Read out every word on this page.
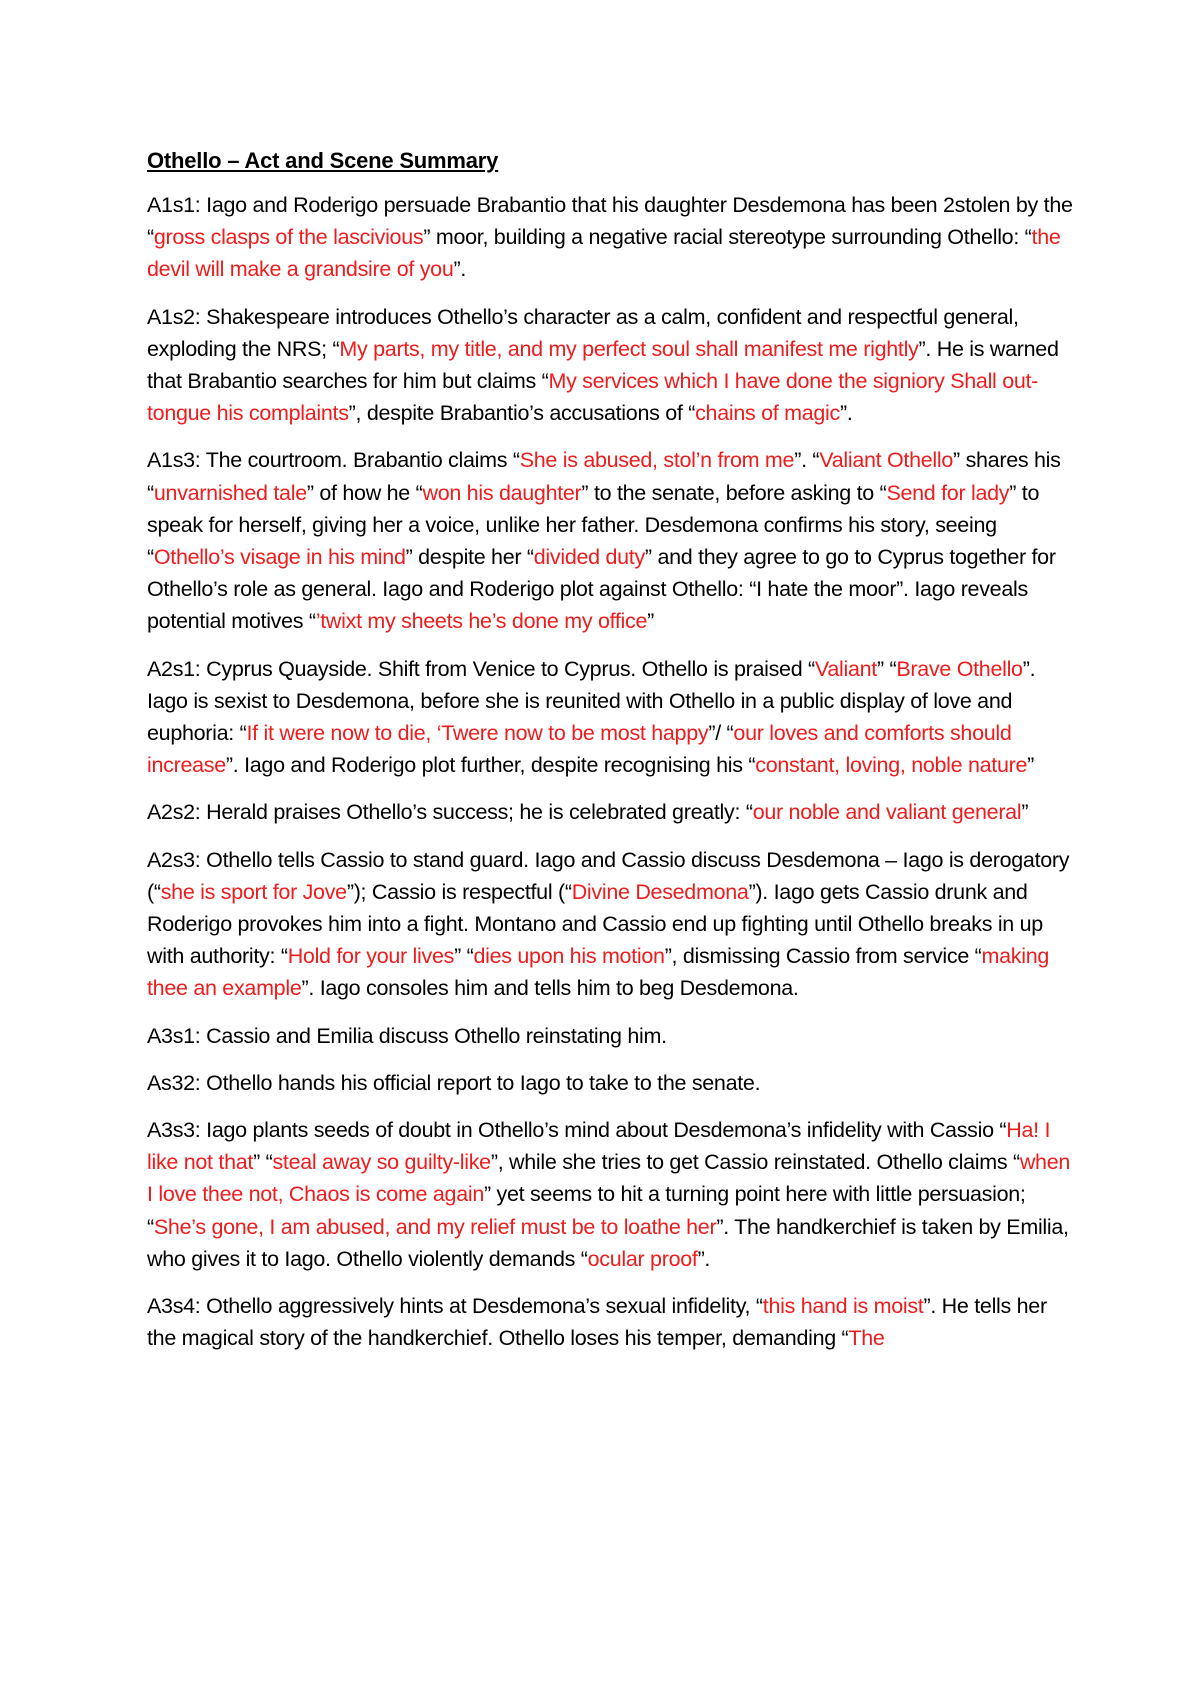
Othello – Act and Scene Summary

A1s1: Iago and Roderigo persuade Brabantio that his daughter Desdemona has been 2stolen by the “gross clasps of the lascivious” moor, building a negative racial stereotype surrounding Othello: “the devil will make a grandsire of you”.

A1s2: Shakespeare introduces Othello’s character as a calm, confident and respectful general, exploding the NRS; “My parts, my title, and my perfect soul shall manifest me rightly”. He is warned that Brabantio searches for him but claims “My services which I have done the signiory Shall out-tongue his complaints”, despite Brabantio’s accusations of “chains of magic”.

A1s3: The courtroom. Brabantio claims “She is abused, stol’n from me”. “Valiant Othello” shares his “unvarnished tale” of how he “won his daughter” to the senate, before asking to “Send for lady” to speak for herself, giving her a voice, unlike her father. Desdemona confirms his story, seeing “Othello’s visage in his mind” despite her “divided duty” and they agree to go to Cyprus together for Othello’s role as general. Iago and Roderigo plot against Othello: “I hate the moor”. Iago reveals potential motives “’twixt my sheets he’s done my office”

A2s1: Cyprus Quayside. Shift from Venice to Cyprus. Othello is praised “Valiant” “Brave Othello”. Iago is sexist to Desdemona, before she is reunited with Othello in a public display of love and euphoria: “If it were now to die, ‘Twere now to be most happy”/ “our loves and comforts should increase”. Iago and Roderigo plot further, despite recognising his “constant, loving, noble nature”

A2s2: Herald praises Othello’s success; he is celebrated greatly: “our noble and valiant general”

A2s3: Othello tells Cassio to stand guard. Iago and Cassio discuss Desdemona – Iago is derogatory (“she is sport for Jove”); Cassio is respectful (“Divine Desedmona”). Iago gets Cassio drunk and Roderigo provokes him into a fight. Montano and Cassio end up fighting until Othello breaks in up with authority: “Hold for your lives” “dies upon his motion”, dismissing Cassio from service “making thee an example”. Iago consoles him and tells him to beg Desdemona.

A3s1: Cassio and Emilia discuss Othello reinstating him.

As32: Othello hands his official report to Iago to take to the senate.

A3s3: Iago plants seeds of doubt in Othello’s mind about Desdemona’s infidelity with Cassio “Ha! I like not that” “steal away so guilty-like”, while she tries to get Cassio reinstated. Othello claims “when I love thee not, Chaos is come again” yet seems to hit a turning point here with little persuasion; “She’s gone, I am abused, and my relief must be to loathe her”. The handkerchief is taken by Emilia, who gives it to Iago. Othello violently demands “ocular proof”.

A3s4: Othello aggressively hints at Desdemona’s sexual infidelity, “this hand is moist”. He tells her the magical story of the handkerchief. Othello loses his temper, demanding “The
